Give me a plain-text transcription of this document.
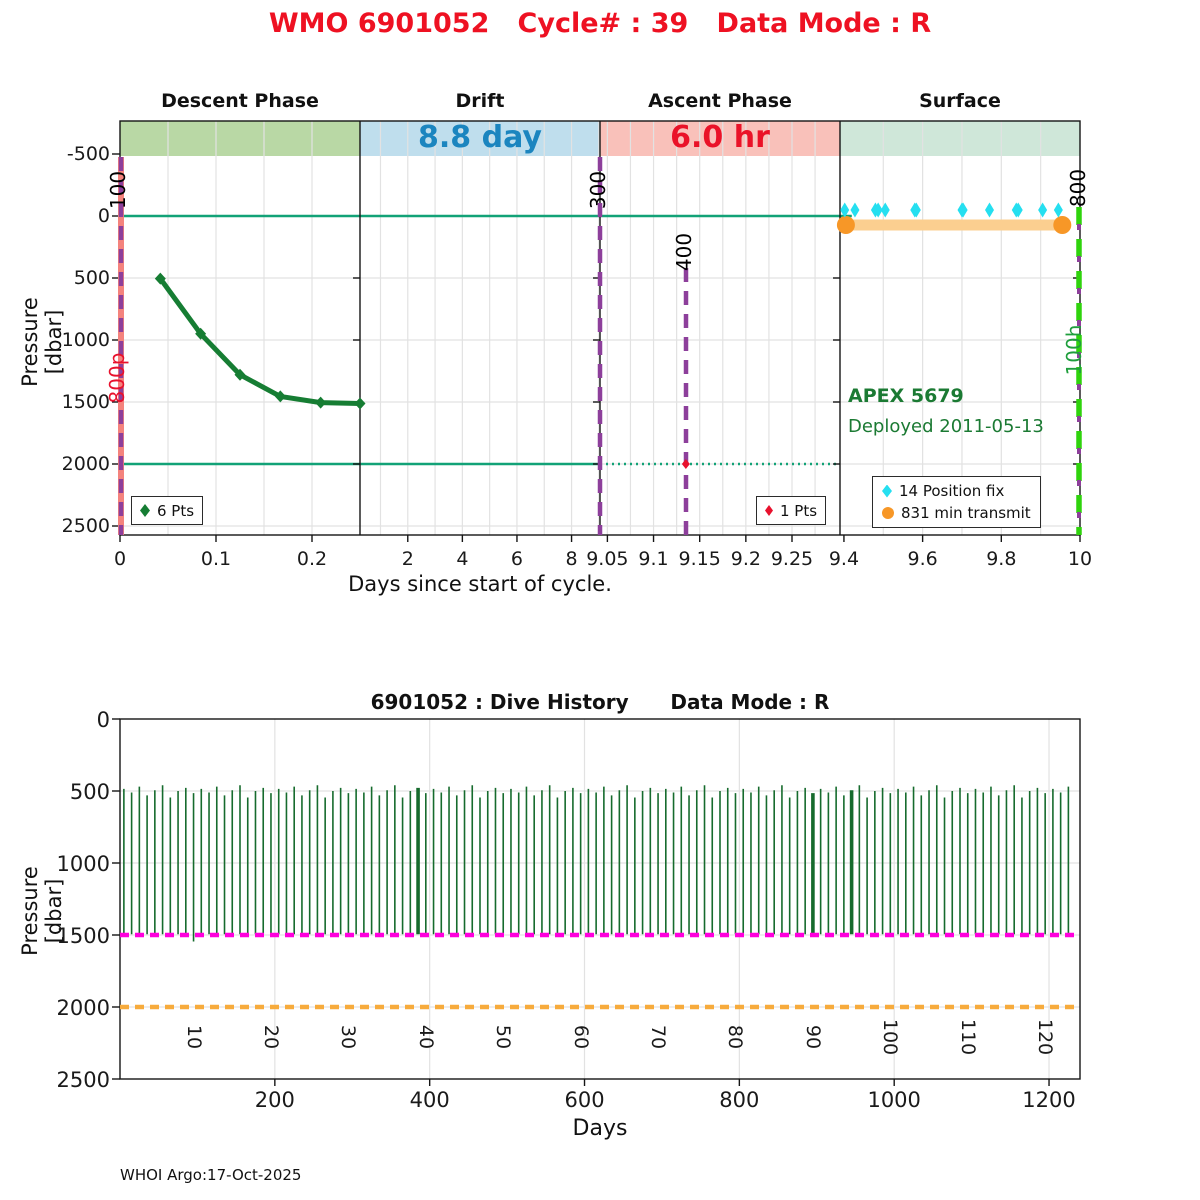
WMO 6901052   Cycle# : 39   Data Mode : R
Descent Phase	Drift	Ascent Phase	Surface
8.8 day	6.0 hr
100	300
400
800
800p
100h
Pressure [dbar]
Days since start of cycle.
APEX 5679
Deployed 2011-05-13
6 Pts	1 Pts
14 Position fix
831 min transmit
6901052 : Dive History      Data Mode : R
Pressure [dbar]
Days
WHOI Argo:17-Oct-2025
0	0.1	0.2	2	4	6	8 9.05 9.1 9.15 9.2 9.25 9.4	9.6	9.8	10
-500
0
500
1000
1500
2000
2500
200	400	600	800	1000	1200
0
500
1000
1500
2000
2500
10	20	30	40	50	60	70	80	90	100	110	120
